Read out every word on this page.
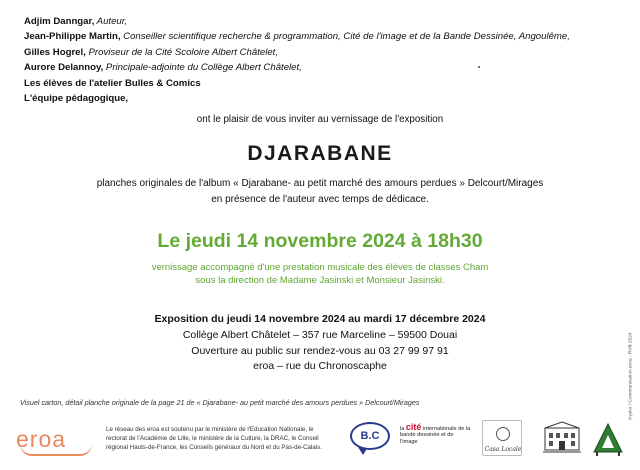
Adjim Danngar, Auteur,
Jean-Philippe Martin, Conseiller scientifique recherche & programmation, Cité de l'image et de la Bande Dessinée, Angoulême,
Gilles Hogrel, Proviseur de la Cité Scoloire Albert Châtelet,
Aurore Delannoy, Principale-adjointe du Collège Albert Châtelet,
Les élèves de l'atelier Bulles & Comics
L'équipe pédagogique,
ont le plaisir de vous inviter au vernissage de l'exposition
DJARABANE
planches originales de l'album « Djarabane- au petit marché des amours perdues » Delcourt/Mirages
en présence de l'auteur avec temps de dédicace.
Le jeudi 14 novembre 2024 à 18h30
vernissage accompagné d'une prestation musicale des élèves de classes Cham
sous la direction de Madame Jasinski et Monsieur Jasinski.
Exposition du jeudi 14 novembre 2024 au mardi 17 décembre 2024
Collège Albert Châtelet – 357 rue Marceline – 59500 Douai
Ouverture au public sur rendez-vous au 03 27 99 97 91
eroa – rue du Chronoscaphe
Visuel carton, détail planche originale de la page 21 de « Djarabane- au petit marché des amours perdues » Delcourt/Mirages	Kysko / Communication eroa - RVB 2024
eroa	Le réseau des eroa est soutenu par le ministère de l'Education Nationale, le rectorat de l'Académie de Lille, le ministère de la Culture, la DRAC, le Conseil régional Hauts-de-France, les Conseils généraux du Nord et du Pas-de-Calais.
B.C
la cité internationale de la bande dessinée et de l'image
Casa Locale
